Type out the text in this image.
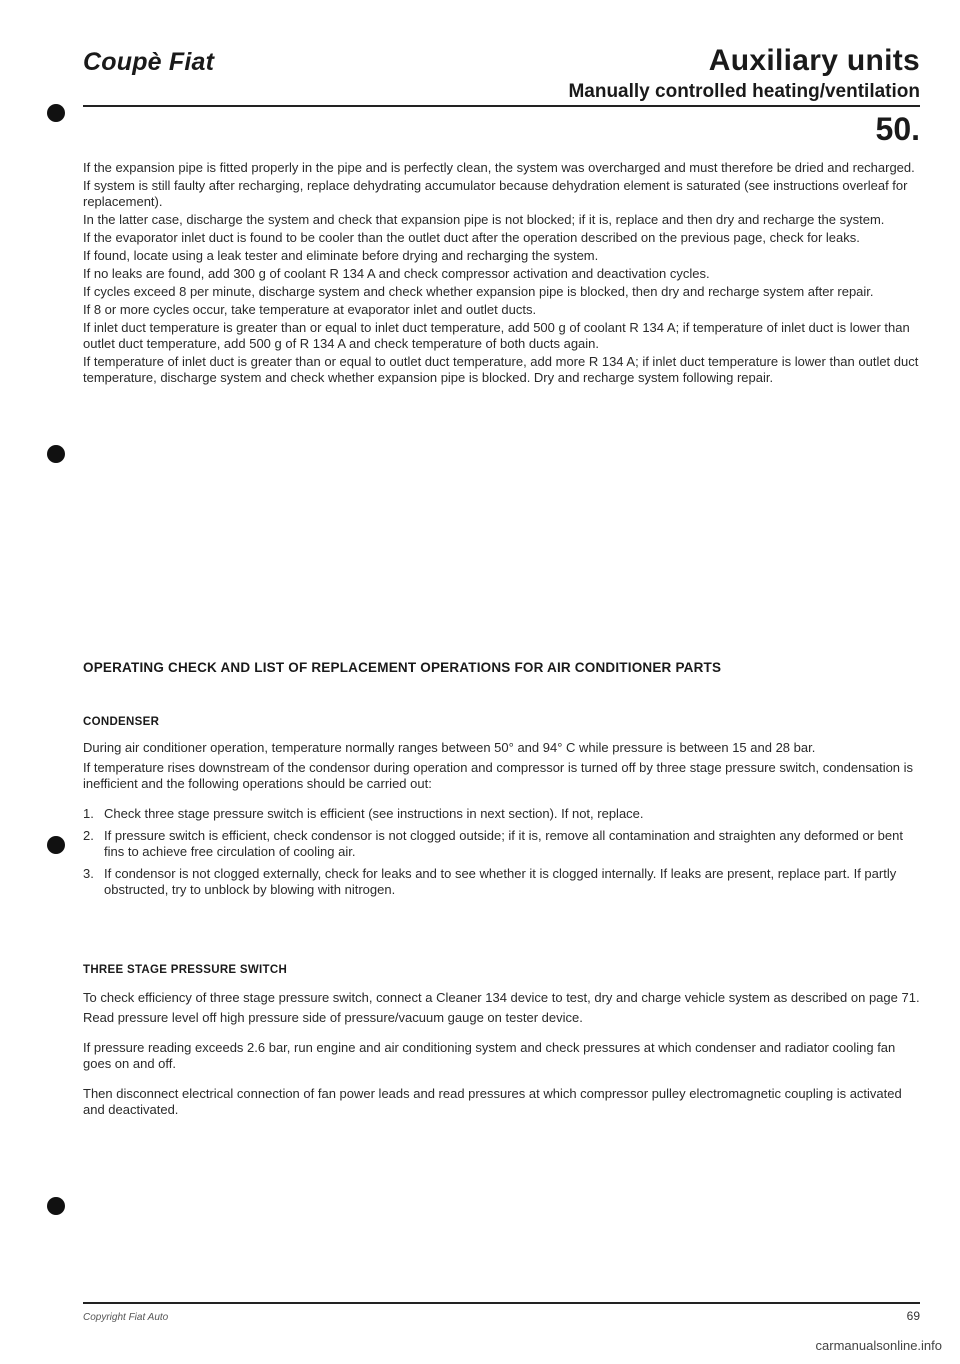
Coupè Fiat	Auxiliary units
Manually controlled heating/ventilation
50.

If the expansion pipe is fitted properly in the pipe and is perfectly clean, the system was overcharged and must therefore be dried and recharged.

If system is still faulty after recharging, replace dehydrating accumulator because dehydration element is saturated (see instructions overleaf for replacement).

In the latter case, discharge the system and check that expansion pipe is not blocked; if it is, replace and then dry and recharge the system.

If the evaporator inlet duct is found to be cooler than the outlet duct after the operation described on the previous page, check for leaks.

If found, locate using a leak tester and eliminate before drying and recharging the system.

If no leaks are found, add 300 g of coolant R 134 A and check compressor activation and deactivation cycles.

If cycles exceed 8 per minute, discharge system and check whether expansion pipe is blocked, then dry and recharge system after repair.

If 8 or more cycles occur, take temperature at evaporator inlet and outlet ducts.

If inlet duct temperature is greater than or equal to inlet duct temperature, add 500 g of coolant R 134 A; if temperature of inlet duct is lower than outlet duct temperature, add 500 g of R 134 A and check temperature of both ducts again.

If temperature of inlet duct is greater than or equal to outlet duct temperature, add more R 134 A; if inlet duct temperature is lower than outlet duct temperature, discharge system and check whether expansion pipe is blocked. Dry and recharge system following repair.

OPERATING CHECK AND LIST OF REPLACEMENT OPERATIONS FOR AIR CONDITIONER PARTS
CONDENSER

During air conditioner operation, temperature normally ranges between 50° and 94° C while pressure is between 15 and 28 bar.

If temperature rises downstream of the condensor during operation and compressor is turned off by three stage pressure switch, condensation is inefficient and the following operations should be carried out:

1. Check three stage pressure switch is efficient (see instructions in next section). If not, replace.
2. If pressure switch is efficient, check condensor is not clogged outside; if it is, remove all contamination and straighten any deformed or bent fins to achieve free circulation of cooling air.
3. If condensor is not clogged externally, check for leaks and to see whether it is clogged internally. If leaks are present, replace part. If partly obstructed, try to unblock by blowing with nitrogen.
THREE STAGE PRESSURE SWITCH

To check efficiency of three stage pressure switch, connect a Cleaner 134 device to test, dry and charge vehicle system as described on page 71.

Read pressure level off high pressure side of pressure/vacuum gauge on tester device.

If pressure reading exceeds 2.6 bar, run engine and air conditioning system and check pressures at which condenser and radiator cooling fan goes on and off.

Then disconnect electrical connection of fan power leads and read pressures at which compressor pulley electromagnetic coupling is activated and deactivated.

Copyright Fiat Auto	69
carmanualsonline.info
